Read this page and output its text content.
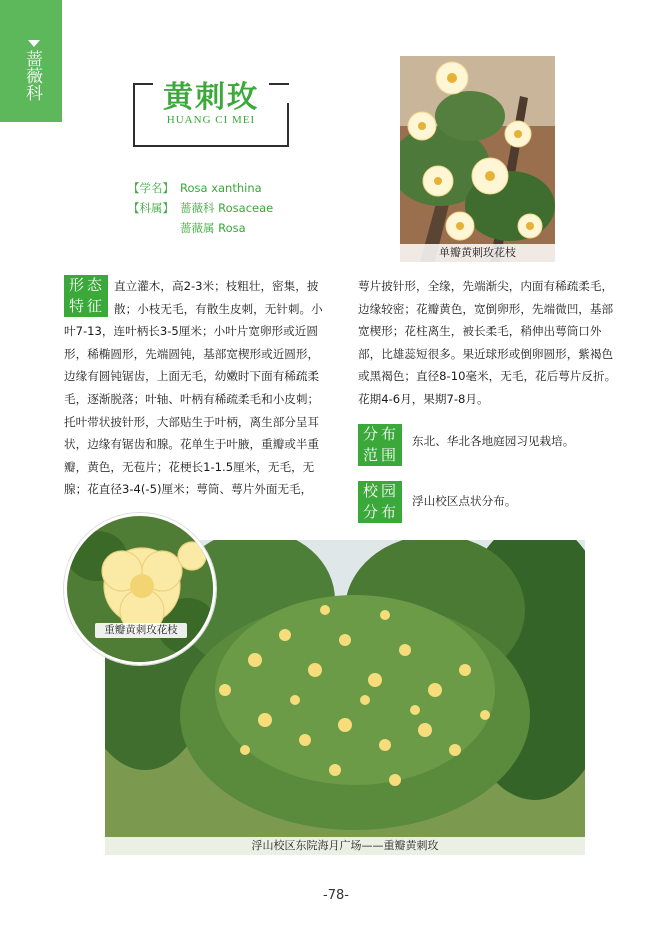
蔷薇科	黄刺玫
HUANG CI MEI
【学名】 Rosa xanthina
【科属】 蔷薇科 Rosaceae
蔷薇属 Rosa
单瓣黄刺玫花枝
形态
特征
直立灌木，高2-3米；枝粗壮，密集，披
散；小枝无毛，有散生皮刺，无针刺。小
叶7-13，连叶柄长3-5厘米；小叶片宽卵形或近圆
形，稀椭圆形，先端圆钝，基部宽楔形或近圆形，
边缘有圆钝锯齿，上面无毛，幼嫩时下面有稀疏柔
毛，逐渐脱落；叶轴、叶柄有稀疏柔毛和小皮刺；
托叶带状披针形，大部贴生于叶柄，离生部分呈耳
状，边缘有锯齿和腺。花单生于叶腋，重瓣或半重
瓣，黄色，无苞片；花梗长1-1.5厘米，无毛，无
腺；花直径3-4(-5)厘米；萼筒、萼片外面无毛，
萼片披针形，全缘，先端渐尖，内面有稀疏柔毛，
边缘较密；花瓣黄色，宽倒卵形，先端微凹，基部
宽楔形；花柱离生，被长柔毛，稍伸出萼筒口外
部，比雄蕊短很多。果近球形或倒卵圆形，紫褐色
或黑褐色；直径8-10毫米，无毛，花后萼片反折。
花期4-6月，果期7-8月。
分布
范围
东北、华北各地庭园习见栽培。
校园
分布
浮山校区点状分布。
浮山校区东院海月广场——重瓣黄刺玫
重瓣黄刺玫花枝
-78-
